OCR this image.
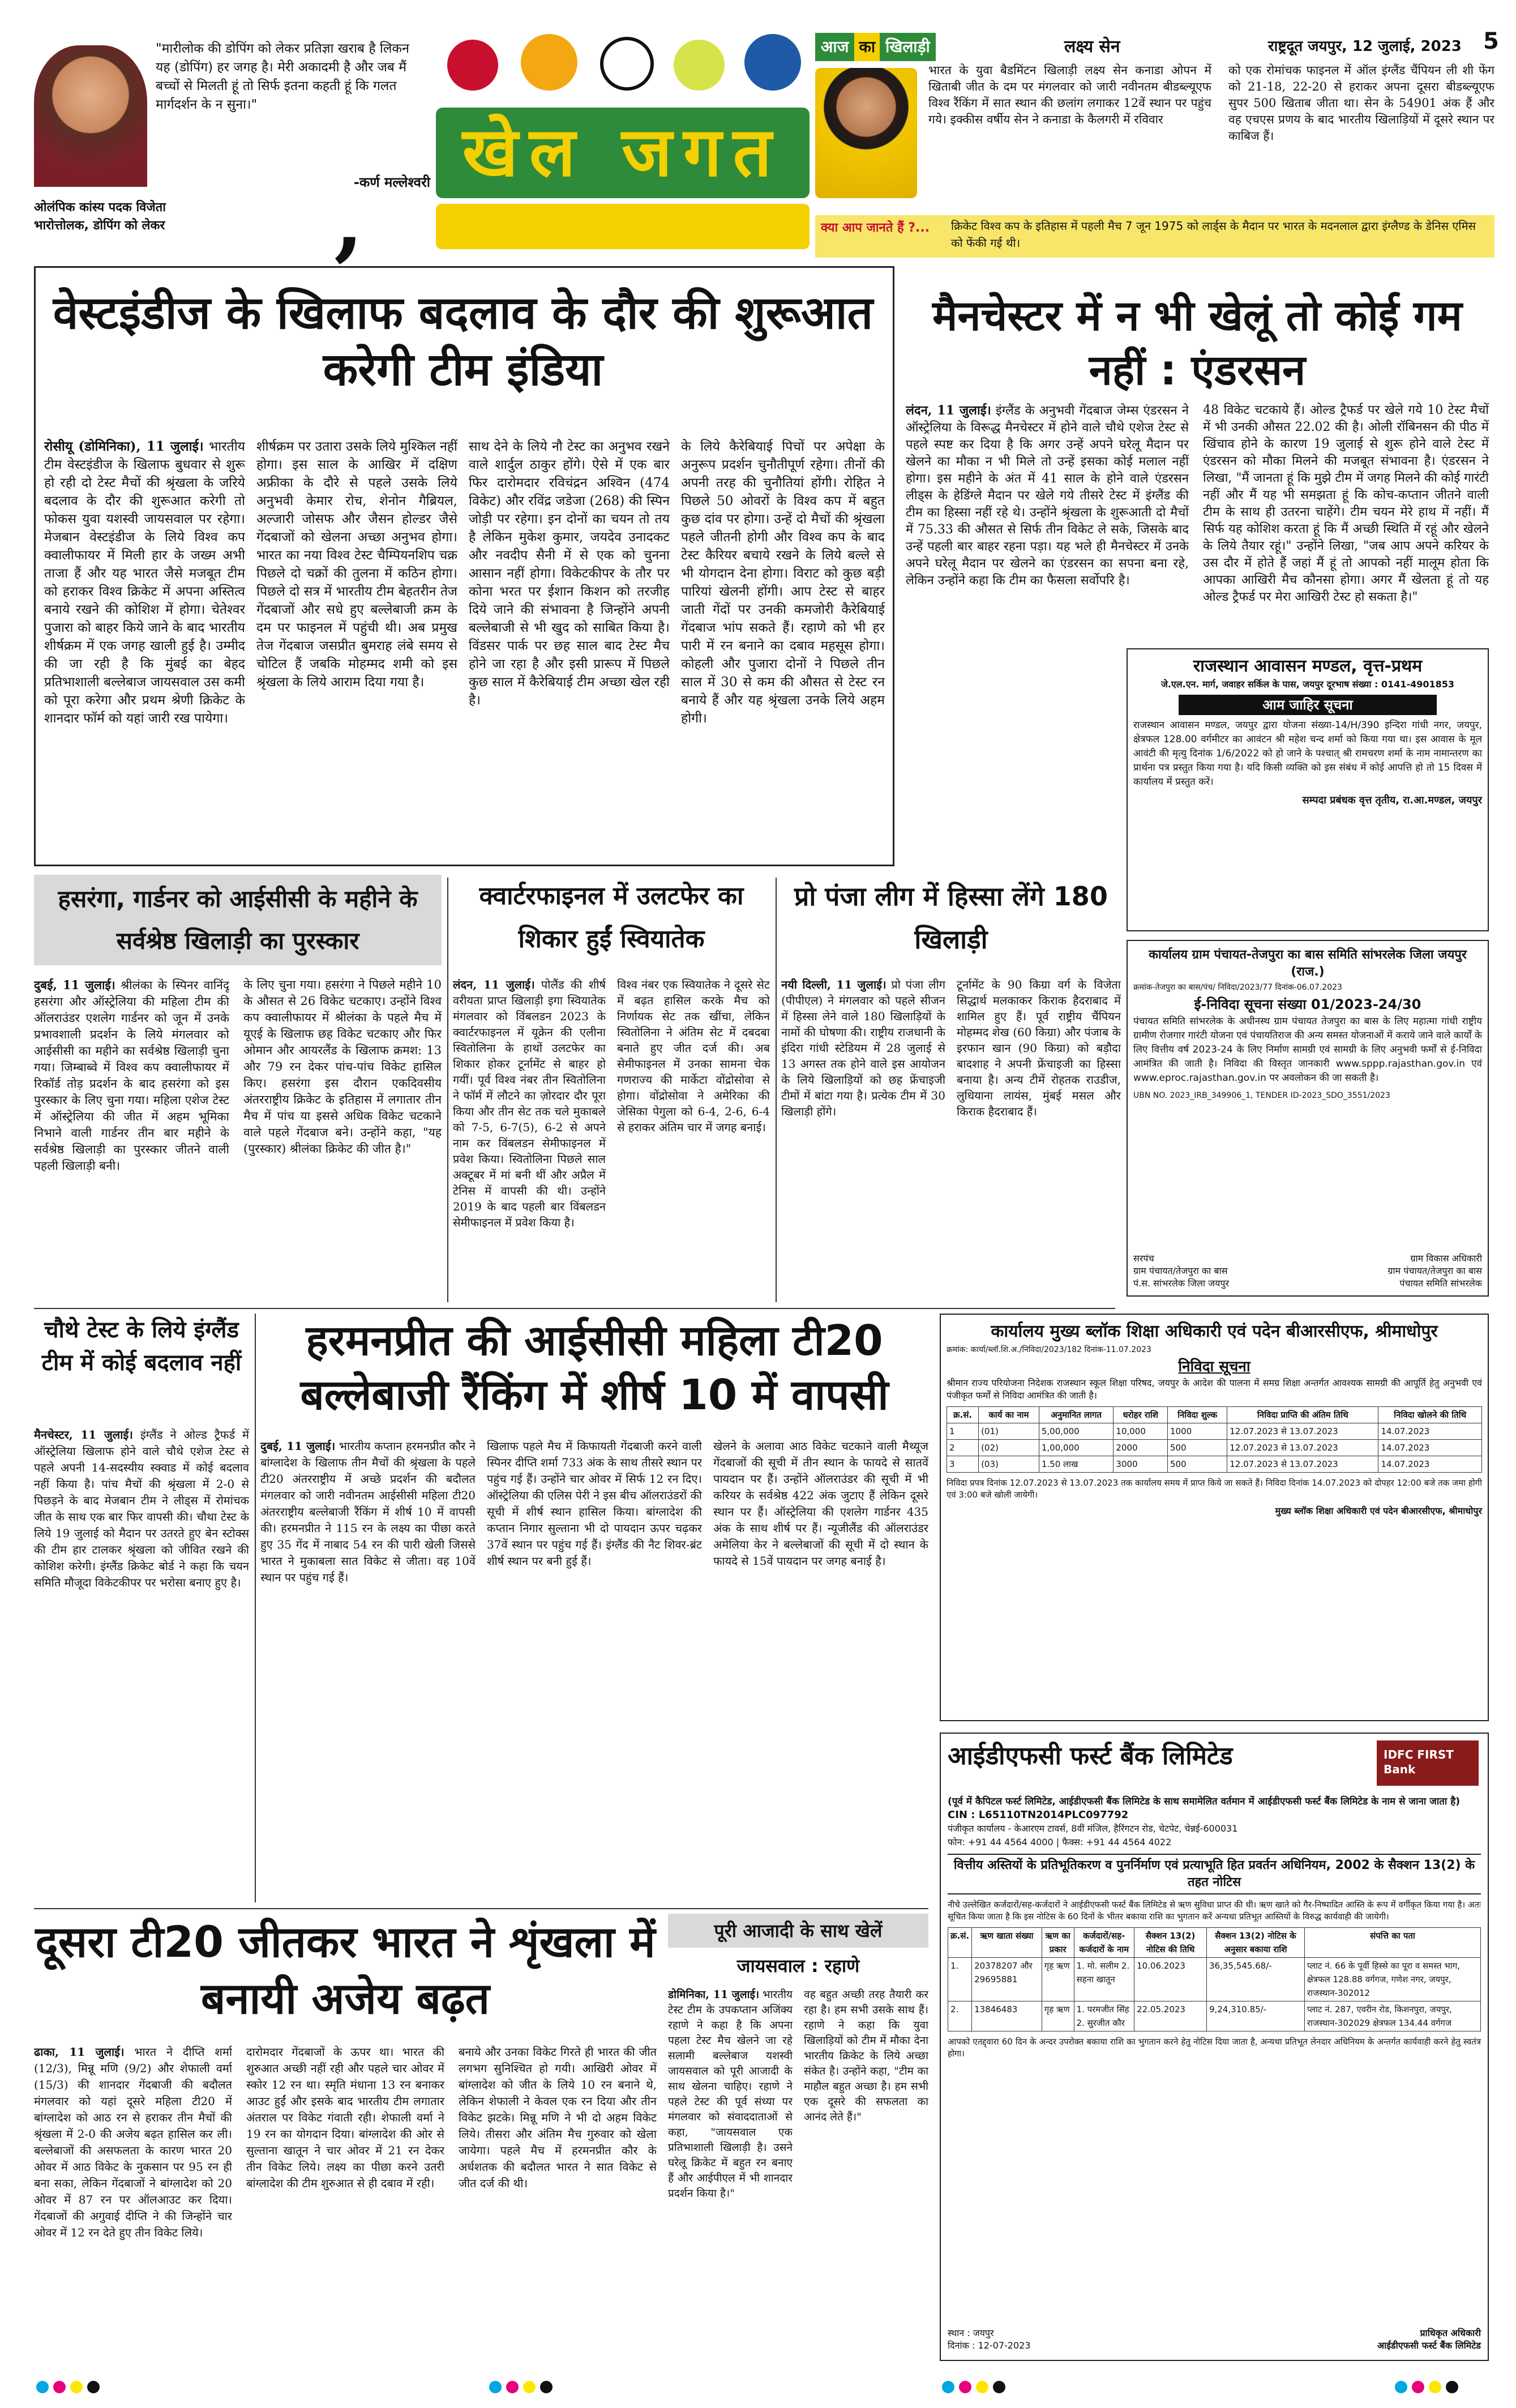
"मारीलोक की डोपिंग को लेकर प्रतिज्ञा खराब है लिकन यह (डोपिंग) हर जगह है। मेरी अकादमी है और जब मैं बच्चों से मिलती हूं तो सिर्फ इतना कहती हूं कि गलत मार्गदर्शन के न सुना।"
-कर्ण मल्लेश्वरी
ओलंपिक कांस्य पदक विजेता
भारोत्तोलक, डोपिंग को लेकर	,
खेल जगत
आज का खिलाड़ी	लक्ष्य सेन	राष्ट्रदूत जयपुर, 12 जुलाई, 2023 5
भारत के युवा बैडमिंटन खिलाड़ी लक्ष्य सेन कनाडा ओपन में खिताबी जीत के दम पर मंगलवार को जारी नवीनतम बीडब्ल्यूएफ विश्व रैंकिंग में सात स्थान की छलांग लगाकर 12वें स्थान पर पहुंच गये। इक्कीस वर्षीय सेन ने कनाडा के कैलगरी में रविवार
को एक रोमांचक फाइनल में ऑल इंग्लैंड चैंपियन ली शी फेंग को 21-18, 22-20 से हराकर अपना दूसरा बीडब्ल्यूएफ सुपर 500 खिताब जीता था। सेन के 54901 अंक हैं और वह एचएस प्रणय के बाद भारतीय खिलाड़ियों में दूसरे स्थान पर काबिज हैं।
क्या आप जानते हैं ?... क्रिकेट विश्व कप के इतिहास में पहली मैच 7 जून 1975 को लार्ड्स के मैदान पर भारत के मदनलाल द्वारा इंग्लैण्ड के डेनिस एमिस को फेंकी गई थी।
वेस्टइंडीज के खिलाफ बदलाव के दौर की शुरूआत करेगी टीम इंडिया
रोसीयू (डोमिनिका), 11 जुलाई। भारतीय टीम वेस्टइंडीज के खिलाफ बुधवार से शुरू हो रही दो टेस्ट मैचों की श्रृंखला के जरिये बदलाव के दौर की शुरूआत करेगी तो फोकस युवा यशस्वी जायसवाल पर रहेगा। मेजबान वेस्टइंडीज के लिये विश्व कप क्वालीफायर में मिली हार के जख्म अभी ताजा हैं और यह भारत जैसे मजबूत टीम को हराकर विश्व क्रिकेट में अपना अस्तित्व बनाये रखने की कोशिश में होगा। चेतेश्वर पुजारा को बाहर किये जाने के बाद भारतीय शीर्षक्रम में एक जगह खाली हुई है। उम्मीद की जा रही है कि मुंबई का बेहद प्रतिभाशाली बल्लेबाज जायसवाल उस कमी को पूरा करेगा और प्रथम श्रेणी क्रिकेट के शानदार फॉर्म को यहां जारी रख पायेगा।
शीर्षक्रम पर उतारा उसके लिये मुश्किल नहीं होगा। इस साल के आखिर में दक्षिण अफ्रीका के दौरे से पहले उसके लिये अनुभवी केमार रोच, शेनोन गैब्रियल, अल्जारी जोसफ और जैसन होल्डर जैसे गेंदबाजों को खेलना अच्छा अनुभव होगा। भारत का नया विश्व टेस्ट चैम्पियनशिप चक्र पिछले दो चक्रों की तुलना में कठिन होगा। पिछले दो सत्र में भारतीय टीम बेहतरीन तेज गेंदबाजों और सधे हुए बल्लेबाजी क्रम के दम पर फाइनल में पहुंची थी। अब प्रमुख तेज गेंदबाज जसप्रीत बुमराह लंबे समय से चोटिल हैं जबकि मोहम्मद शमी को इस श्रृंखला के लिये आराम दिया गया है।
साथ देने के लिये नौ टेस्ट का अनुभव रखने वाले शार्दुल ठाकुर होंगे। ऐसे में एक बार फिर दारोमदार रविचंद्रन अश्विन (474 विकेट) और रविंद्र जडेजा (268) की स्पिन जोड़ी पर रहेगा। इन दोनों का चयन तो तय है लेकिन मुकेश कुमार, जयदेव उनादकट और नवदीप सैनी में से एक को चुनना आसान नहीं होगा। विकेटकीपर के तौर पर कोना भरत पर ईशान किशन को तरजीह दिये जाने की संभावना है जिन्होंने अपनी बल्लेबाजी से भी खुद को साबित किया है। विंडसर पार्क पर छह साल बाद टेस्ट मैच होने जा रहा है और इसी प्रारूप में पिछले कुछ साल में कैरेबियाई टीम अच्छा खेल रही है।
के लिये कैरेबियाई पिचों पर अपेक्षा के अनुरूप प्रदर्शन चुनौतीपूर्ण रहेगा। तीनों की अपनी तरह की चुनौतियां होंगी। रोहित ने पिछले 50 ओवरों के विश्व कप में बहुत कुछ दांव पर होगा। उन्हें दो मैचों की श्रृंखला पहले जीतनी होगी और विश्व कप के बाद टेस्ट कैरियर बचाये रखने के लिये बल्ले से भी योगदान देना होगा। विराट को कुछ बड़ी पारियां खेलनी होंगी। आप टेस्ट से बाहर जाती गेंदों पर उनकी कमजोरी कैरेबियाई गेंदबाज भांप सकते हैं। रहाणे को भी हर पारी में रन बनाने का दबाव महसूस होगा। कोहली और पुजारा दोनों ने पिछले तीन साल में 30 से कम की औसत से टेस्ट रन बनाये हैं और यह श्रृंखला उनके लिये अहम होगी।
मैनचेस्टर में न भी खेलूं तो कोई गम नहीं : एंडरसन
लंदन, 11 जुलाई। इंग्लैंड के अनुभवी गेंदबाज जेम्स एंडरसन ने ऑस्ट्रेलिया के विरूद्ध मैनचेस्टर में होने वाले चौथे एशेज टेस्ट से पहले स्पष्ट कर दिया है कि अगर उन्हें अपने घरेलू मैदान पर खेलने का मौका न भी मिले तो उन्हें इसका कोई मलाल नहीं होगा। इस महीने के अंत में 41 साल के होने वाले एंडरसन लीड्स के हेडिंग्ले मैदान पर खेले गये तीसरे टेस्ट में इंग्लैंड की टीम का हिस्सा नहीं रहे थे। उन्होंने श्रृंखला के शुरूआती दो मैचों में 75.33 की औसत से सिर्फ तीन विकेट ले सके, जिसके बाद उन्हें पहली बार बाहर रहना पड़ा। यह भले ही मैनचेस्टर में उनके अपने घरेलू मैदान पर खेलने का एंडरसन का सपना बना रहे, लेकिन उन्होंने कहा कि टीम का फैसला सर्वोपरि है।
48 विकेट चटकाये हैं। ओल्ड ट्रैफर्ड पर खेले गये 10 टेस्ट मैचों में भी उनकी औसत 22.02 की है। ओली रॉबिनसन की पीठ में खिंचाव होने के कारण 19 जुलाई से शुरू होने वाले टेस्ट में एंडरसन को मौका मिलने की मजबूत संभावना है। एंडरसन ने लिखा, "मैं जानता हूं कि मुझे टीम में जगह मिलने की कोई गारंटी नहीं और मैं यह भी समझता हूं कि कोच-कप्तान जीतने वाली टीम के साथ ही उतरना चाहेंगे। टीम चयन मेरे हाथ में नहीं। मैं सिर्फ यह कोशिश करता हूं कि मैं अच्छी स्थिति में रहूं और खेलने के लिये तैयार रहूं।" उन्होंने लिखा, "जब आप अपने करियर के उस दौर में होते हैं जहां मैं हूं तो आपको नहीं मालूम होता कि आपका आखिरी मैच कौनसा होगा। अगर मैं खेलता हूं तो यह ओल्ड ट्रैफर्ड पर मेरा आखिरी टेस्ट हो सकता है।"
राजस्थान आवासन मण्डल, वृत्त-प्रथम
जे.एल.एन. मार्ग, जवाहर सर्किल के पास, जयपुर दूरभाष संख्या : 0141-4901853
आम जाहिर सूचना
राजस्थान आवासन मण्डल, जयपुर द्वारा योजना संख्या-14/H/390 इन्दिरा गांधी नगर, जयपुर, क्षेत्रफल 128.00 वर्गमीटर का आवंटन श्री महेश चन्द शर्मा को किया गया था। इस आवास के मूल आवंटी की मृत्यु दिनांक 1/6/2022 को हो जाने के पश्चात् श्री रामचरण शर्मा के नाम नामान्तरण का प्रार्थना पत्र प्रस्तुत किया गया है। यदि किसी व्यक्ति को इस संबंध में कोई आपत्ति हो तो 15 दिवस में कार्यालय में प्रस्तुत करें।
सम्पदा प्रबंधक वृत्त तृतीय, रा.आ.मण्डल, जयपुर
हसरंगा, गार्डनर को आईसीसी के महीने के सर्वश्रेष्ठ खिलाड़ी का पुरस्कार
दुबई, 11 जुलाई। श्रीलंका के स्पिनर वानिंदू हसरंगा और ऑस्ट्रेलिया की महिला टीम की ऑलराउंडर एशलेग गार्डनर को जून में उनके प्रभावशाली प्रदर्शन के लिये मंगलवार को आईसीसी का महीने का सर्वश्रेष्ठ खिलाड़ी चुना गया। जिम्बाब्वे में विश्व कप क्वालीफायर में रिकॉर्ड तोड़ प्रदर्शन के बाद हसरंगा को इस पुरस्कार के लिए चुना गया। महिला एशेज टेस्ट में ऑस्ट्रेलिया की जीत में अहम भूमिका निभाने वाली गार्डनर तीन बार महीने के सर्वश्रेष्ठ खिलाड़ी का पुरस्कार जीतने वाली पहली खिलाड़ी बनी।
के लिए चुना गया। हसरंगा ने पिछले महीने 10 के औसत से 26 विकेट चटकाए। उन्होंने विश्व कप क्वालीफायर में श्रीलंका के पहले मैच में यूएई के खिलाफ छह विकेट चटकाए और फिर ओमान और आयरलैंड के खिलाफ क्रमश: 13 और 79 रन देकर पांच-पांच विकेट हासिल किए। हसरंगा इस दौरान एकदिवसीय अंतरराष्ट्रीय क्रिकेट के इतिहास में लगातार तीन मैच में पांच या इससे अधिक विकेट चटकाने वाले पहले गेंदबाज बने। उन्होंने कहा, "यह (पुरस्कार) श्रीलंका क्रिकेट की जीत है।"
क्वार्टरफाइनल में उलटफेर का शिकार हुईं स्वियातेक
लंदन, 11 जुलाई। पोलैंड की शीर्ष वरीयता प्राप्त खिलाड़ी इगा स्वियातेक मंगलवार को विंबलडन 2023 के क्वार्टरफाइनल में यूक्रेन की एलीना स्वितोलिना के हाथों उलटफेर का शिकार होकर टूर्नामेंट से बाहर हो गयीं। पूर्व विश्व नंबर तीन स्वितोलिना ने फॉर्म में लौटने का ज़ोरदार दौर पूरा किया और तीन सेट तक चले मुकाबले को 7-5, 6-7(5), 6-2 से अपने नाम कर विंबलडन सेमीफाइनल में प्रवेश किया। स्वितोलिना पिछले साल अक्टूबर में मां बनी थीं और अप्रैल में टेनिस में वापसी की थी। उन्होंने 2019 के बाद पहली बार विंबलडन सेमीफाइनल में प्रवेश किया है।
विश्व नंबर एक स्वियातेक ने दूसरे सेट में बढ़त हासिल करके मैच को निर्णायक सेट तक खींचा, लेकिन स्वितोलिना ने अंतिम सेट में दबदबा बनाते हुए जीत दर्ज की। अब सेमीफाइनल में उनका सामना चेक गणराज्य की मार्केटा वोंद्रोसोवा से होगा। वोंद्रोसोवा ने अमेरिका की जेसिका पेगुला को 6-4, 2-6, 6-4 से हराकर अंतिम चार में जगह बनाई।
प्रो पंजा लीग में हिस्सा लेंगे 180 खिलाड़ी
नयी दिल्ली, 11 जुलाई। प्रो पंजा लीग (पीपीएल) ने मंगलवार को पहले सीजन में हिस्सा लेने वाले 180 खिलाड़ियों के नामों की घोषणा की। राष्ट्रीय राजधानी के इंदिरा गांधी स्टेडियम में 28 जुलाई से 13 अगस्त तक होने वाले इस आयोजन के लिये खिलाड़ियों को छह फ्रेंचाइजी टीमों में बांटा गया है। प्रत्येक टीम में 30 खिलाड़ी होंगे।
टूर्नामेंट के 90 किग्रा वर्ग के विजेता सिद्धार्थ मलकाकर किराक हैदराबाद में शामिल हुए हैं। पूर्व राष्ट्रीय चैंपियन मोहम्मद शेख (60 किग्रा) और पंजाब के इरफान खान (90 किग्रा) को बड़ौदा बादशाह ने अपनी फ्रेंचाइजी का हिस्सा बनाया है। अन्य टीमें रोहतक राउडीज, लुधियाना लायंस, मुंबई मसल और किराक हैदराबाद हैं।
कार्यालय ग्राम पंचायत-तेजपुरा का बास समिति सांभरलेक जिला जयपुर (राज.)
क्रमांक-तेजपुरा का बास/पंच/ निविदा/2023/77 दिनांक-06.07.2023
ई-निविदा सूचना संख्या 01/2023-24/30
पंचायत समिति सांभरलेक के अधीनस्थ ग्राम पंचायत तेजपुरा का बास के लिए महात्मा गांधी राष्ट्रीय ग्रामीण रोजगार गारंटी योजना एवं पंचायतिराज की अन्य समस्त योजनाओं में कराये जाने वाले कार्यों के लिए वित्तीय वर्ष 2023-24 के लिए निर्माण सामग्री एवं सामग्री के लिए अनुभवी फर्मों से ई-निविदा आमंत्रित की जाती है। निविदा की विस्तृत जानकारी www.sppp.rajasthan.gov.in एवं www.eproc.rajasthan.gov.in पर अवलोकन की जा सकती है।
UBN NO. 2023_IRB_349906_1, TENDER ID-2023_SDO_3551/2023
सरपंच
ग्राम पंचायत/तेजपुरा का बास
पं.स. सांभरलेक जिला जयपुर
ग्राम विकास अधिकारी
ग्राम पंचायत/तेजपुरा का बास
पंचायत समिति सांभरलेक
चौथे टेस्ट के लिये इंग्लैंड टीम में कोई बदलाव नहीं
मैनचेस्टर, 11 जुलाई। इंग्लैंड ने ओल्ड ट्रैफर्ड में ऑस्ट्रेलिया खिलाफ होने वाले चौथे एशेज टेस्ट से पहले अपनी 14-सदस्यीय स्क्वाड में कोई बदलाव नहीं किया है। पांच मैचों की श्रृंखला में 2-0 से पिछड़ने के बाद मेजबान टीम ने लीड्स में रोमांचक जीत के साथ एक बार फिर वापसी की। चौथा टेस्ट के लिये 19 जुलाई को मैदान पर उतरते हुए बेन स्टोक्स की टीम हार टालकर श्रृंखला को जीवित रखने की कोशिश करेगी। इंग्लैंड क्रिकेट बोर्ड ने कहा कि चयन समिति मौजूदा विकेटकीपर पर भरोसा बनाए हुए है।
हरमनप्रीत की आईसीसी महिला टी20 बल्लेबाजी रैंकिंग में शीर्ष 10 में वापसी
दुबई, 11 जुलाई। भारतीय कप्तान हरमनप्रीत कौर ने बांग्लादेश के खिलाफ तीन मैचों की श्रृंखला के पहले टी20 अंतरराष्ट्रीय में अच्छे प्रदर्शन की बदौलत मंगलवार को जारी नवीनतम आईसीसी महिला टी20 अंतरराष्ट्रीय बल्लेबाजी रैंकिंग में शीर्ष 10 में वापसी की। हरमनप्रीत ने 115 रन के लक्ष्य का पीछा करते हुए 35 गेंद में नाबाद 54 रन की पारी खेली जिससे भारत ने मुकाबला सात विकेट से जीता। वह 10वें स्थान पर पहुंच गई हैं।
खिलाफ पहले मैच में किफायती गेंदबाजी करने वाली स्पिनर दीप्ति शर्मा 733 अंक के साथ तीसरे स्थान पर पहुंच गई हैं। उन्होंने चार ओवर में सिर्फ 12 रन दिए। ऑस्ट्रेलिया की एलिस पेरी ने इस बीच ऑलराउंडरों की सूची में शीर्ष स्थान हासिल किया। बांग्लादेश की कप्तान निगार सुल्ताना भी दो पायदान ऊपर चढ़कर 37वें स्थान पर पहुंच गई हैं। इंग्लैंड की नैट शिवर-ब्रंट शीर्ष स्थान पर बनी हुई हैं।
खेलने के अलावा आठ विकेट चटकाने वाली मैथ्यूज गेंदबाजों की सूची में तीन स्थान के फायदे से सातवें पायदान पर हैं। उन्होंने ऑलराउंडर की सूची में भी करियर के सर्वश्रेष्ठ 422 अंक जुटाए हैं लेकिन दूसरे स्थान पर हैं। ऑस्ट्रेलिया की एशलेग गार्डनर 435 अंक के साथ शीर्ष पर हैं। न्यूजीलैंड की ऑलराउंडर अमेलिया केर ने बल्लेबाजों की सूची में दो स्थान के फायदे से 15वें पायदान पर जगह बनाई है।
कार्यालय मुख्य ब्लॉक शिक्षा अधिकारी एवं पदेन बीआरसीएफ, श्रीमाधोपुर
क्रमांक: कार्या/ब्लॉ.शि.अ./निविदा/2023/182 दिनांक-11.07.2023
निविदा सूचना
श्रीमान राज्य परियोजना निदेशक राजस्थान स्कूल शिक्षा परिषद, जयपुर के आदेश की पालना में समग्र शिक्षा अन्तर्गत आवश्यक सामग्री की आपूर्ति हेतु अनुभवी एवं पंजीकृत फर्मों से निविदा आमंत्रित की जाती है।
क्र.सं.	कार्य का नाम	अनुमानित लागत	धरोहर राशि	निविदा शुल्क	निविदा प्राप्ति की अंतिम तिथि	निविदा खोलने की तिथि
1	(01)	5,00,000	10,000	1000	12.07.2023 से 13.07.2023	14.07.2023
2	(02)	1,00,000	2000	500	12.07.2023 से 13.07.2023	14.07.2023
3	(03)	1.50 लाख	3000	500	12.07.2023 से 13.07.2023	14.07.2023
निविदा प्रपत्र दिनांक 12.07.2023 से 13.07.2023 तक कार्यालय समय में प्राप्त किये जा सकते हैं। निविदा दिनांक 14.07.2023 को दोपहर 12:00 बजे तक जमा होगी एवं 3:00 बजे खोली जायेगी।
मुख्य ब्लॉक शिक्षा अधिकारी एवं पदेन बीआरसीएफ, श्रीमाधोपुर
दूसरा टी20 जीतकर भारत ने शृंखला में बनायी अजेय बढ़त
ढाका, 11 जुलाई। भारत ने दीप्ति शर्मा (12/3), मिन्नू मणि (9/2) और शेफाली वर्मा (15/3) की शानदार गेंदबाजी की बदौलत मंगलवार को यहां दूसरे महिला टी20 में बांग्लादेश को आठ रन से हराकर तीन मैचों की श्रृंखला में 2-0 की अजेय बढ़त हासिल कर ली। बल्लेबाजों की असफलता के कारण भारत 20 ओवर में आठ विकेट के नुकसान पर 95 रन ही बना सका, लेकिन गेंदबाजों ने बांग्लादेश को 20 ओवर में 87 रन पर ऑलआउट कर दिया। गेंदबाजों की अगुवाई दीप्ति ने की जिन्होंने चार ओवर में 12 रन देते हुए तीन विकेट लिये।
दारोमदार गेंदबाजों के ऊपर था। भारत की शुरुआत अच्छी नहीं रही और पहले चार ओवर में स्कोर 12 रन था। स्मृति मंधाना 13 रन बनाकर आउट हुईं और इसके बाद भारतीय टीम लगातार अंतराल पर विकेट गंवाती रही। शेफाली वर्मा ने 19 रन का योगदान दिया। बांग्लादेश की ओर से सुल्ताना खातून ने चार ओवर में 21 रन देकर तीन विकेट लिये। लक्ष्य का पीछा करने उतरी बांग्लादेश की टीम शुरुआत से ही दबाव में रही।
बनाये और उनका विकेट गिरते ही भारत की जीत लगभग सुनिश्चित हो गयी। आखिरी ओवर में बांग्लादेश को जीत के लिये 10 रन बनाने थे, लेकिन शेफाली ने केवल एक रन दिया और तीन विकेट झटके। मिन्नू मणि ने भी दो अहम विकेट लिये। तीसरा और अंतिम मैच गुरुवार को खेला जायेगा। पहले मैच में हरमनप्रीत कौर के अर्धशतक की बदौलत भारत ने सात विकेट से जीत दर्ज की थी।
पूरी आजादी के साथ खेलें
जायसवाल : रहाणे
डोमिनिका, 11 जुलाई। भारतीय टेस्ट टीम के उपकप्तान अजिंक्य रहाणे ने कहा है कि अपना पहला टेस्ट मैच खेलने जा रहे सलामी बल्लेबाज यशस्वी जायसवाल को पूरी आजादी के साथ खेलना चाहिए। रहाणे ने पहले टेस्ट की पूर्व संध्या पर मंगलवार को संवाददाताओं से कहा, "जायसवाल एक प्रतिभाशाली खिलाड़ी है। उसने घरेलू क्रिकेट में बहुत रन बनाए हैं और आईपीएल में भी शानदार प्रदर्शन किया है।"
वह बहुत अच्छी तरह तैयारी कर रहा है। हम सभी उसके साथ हैं। रहाणे ने कहा कि युवा खिलाड़ियों को टीम में मौका देना भारतीय क्रिकेट के लिये अच्छा संकेत है। उन्होंने कहा, "टीम का माहौल बहुत अच्छा है। हम सभी एक दूसरे की सफलता का आनंद लेते हैं।"
आईडीएफसी फर्स्ट बैंक लिमिटेड	IDFC FIRST Bank
(पूर्व में कैपिटल फर्स्ट लिमिटेड, आईडीएफसी बैंक लिमिटेड के साथ समामेलित वर्तमान में आईडीएफसी फर्स्ट बैंक लिमिटेड के नाम से जाना जाता है)
CIN : L65110TN2014PLC097792
पंजीकृत कार्यालय - केआरएम टावर्स, 8वीं मंजिल, हैरिंगटन रोड, चेटपेट, चेन्नई-600031
फोन: +91 44 4564 4000 | फैक्स: +91 44 4564 4022
वित्तीय अस्तियों के प्रतिभूतिकरण व पुनर्निर्माण एवं प्रत्याभूति हित प्रवर्तन अधिनियम, 2002 के सैक्शन 13(2) के तहत नोटिस
नीचे उल्लेखित कर्जदारों/सह-कर्जदारों ने आईडीएफसी फर्स्ट बैंक लिमिटेड से ऋण सुविधा प्राप्त की थी। ऋण खाते को गैर-निष्पादित आस्ति के रूप में वर्गीकृत किया गया है। अतः सूचित किया जाता है कि इस नोटिस के 60 दिनों के भीतर बकाया राशि का भुगतान करें अन्यथा प्रतिभूत आस्तियों के विरुद्ध कार्यवाही की जायेगी।
क्र.सं.	ऋण खाता संख्या	ऋण का प्रकार	कर्जदारों/सह-कर्जदारों के नाम	सैक्शन 13(2) नोटिस की तिथि	सैक्शन 13(2) नोटिस के अनुसार बकाया राशि	संपत्ति का पता
1.	20378207 और 29695881	गृह ऋण	1. मो. सलीम 2. सहना खातून	10.06.2023	36,35,545.68/-	प्लाट नं. 66 के पूर्वी हिस्से का पूरा व समस्त भाग, क्षेत्रफल 128.88 वर्गगज, गणेश नगर, जयपुर, राजस्थान-302012
2.	13846483	गृह ऋण	1. परमजीत सिंह 2. सुरजीत कौर	22.05.2023	9,24,310.85/-	प्लाट नं. 287, एवरीन रोड, किशनपुरा, जयपुर, राजस्थान-302029 क्षेत्रफल 134.44 वर्गगज
आपको एतद्द्वारा 60 दिन के अन्दर उपरोक्त बकाया राशि का भुगतान करने हेतु नोटिस दिया जाता है, अन्यथा प्रतिभूत लेनदार अधिनियम के अन्तर्गत कार्यवाही करने हेतु स्वतंत्र होगा।
स्थान : जयपुर
दिनांक : 12-07-2023
प्राधिकृत अधिकारी
आईडीएफसी फर्स्ट बैंक लिमिटेड
